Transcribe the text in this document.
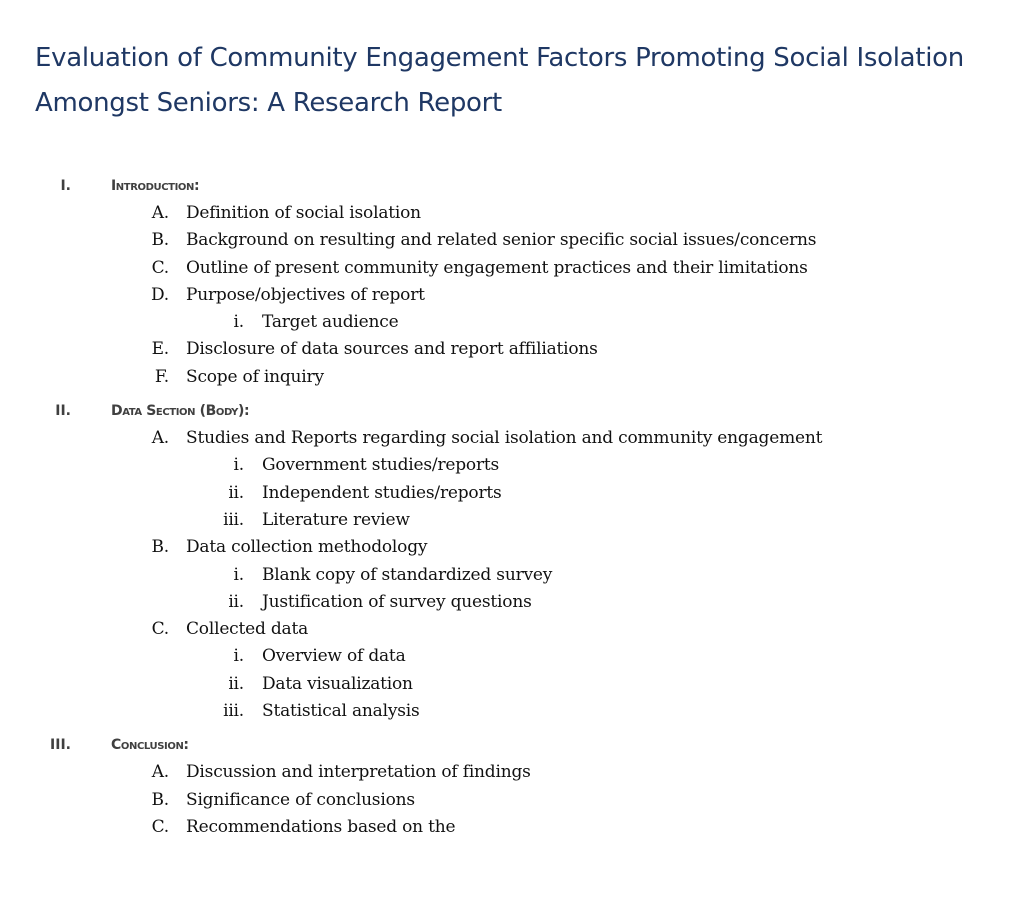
Evaluation of Community Engagement Factors Promoting Social Isolation Amongst Seniors: A Research Report
I.	Introduction:
A. Definition of social isolation
B. Background on resulting and related senior specific social issues/concerns
C. Outline of present community engagement practices and their limitations
D. Purpose/objectives of report
i. Target audience
E. Disclosure of data sources and report affiliations
F. Scope of inquiry
II.	Data Section (Body):
A. Studies and Reports regarding social isolation and community engagement
i. Government studies/reports
ii. Independent studies/reports
iii. Literature review
B. Data collection methodology
i. Blank copy of standardized survey
ii. Justification of survey questions
C. Collected data
i. Overview of data
ii. Data visualization
iii. Statistical analysis
III.	Conclusion:
A. Discussion and interpretation of findings
B. Significance of conclusions
C. Recommendations based on the
